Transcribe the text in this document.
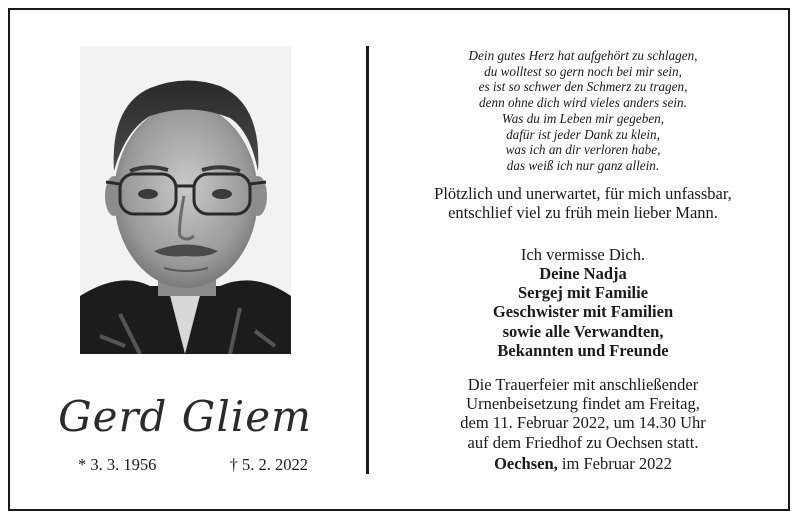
Gerd Gliem
* 3. 3. 1956	† 5. 2. 2022
Dein gutes Herz hat aufgehört zu schlagen,
du wolltest so gern noch bei mir sein,
es ist so schwer den Schmerz zu tragen,
denn ohne dich wird vieles anders sein.
Was du im Leben mir gegeben,
dafür ist jeder Dank zu klein,
was ich an dir verloren habe,
das weiß ich nur ganz allein.
Plötzlich und unerwartet, für mich unfassbar,
entschlief viel zu früh mein lieber Mann.
Ich vermisse Dich.
Deine Nadja
Sergej mit Familie
Geschwister mit Familien
sowie alle Verwandten,
Bekannten und Freunde
Die Trauerfeier mit anschließender
Urnenbeisetzung findet am Freitag,
dem 11. Februar 2022, um 14.30 Uhr
auf dem Friedhof zu Oechsen statt.
Oechsen, im Februar 2022
